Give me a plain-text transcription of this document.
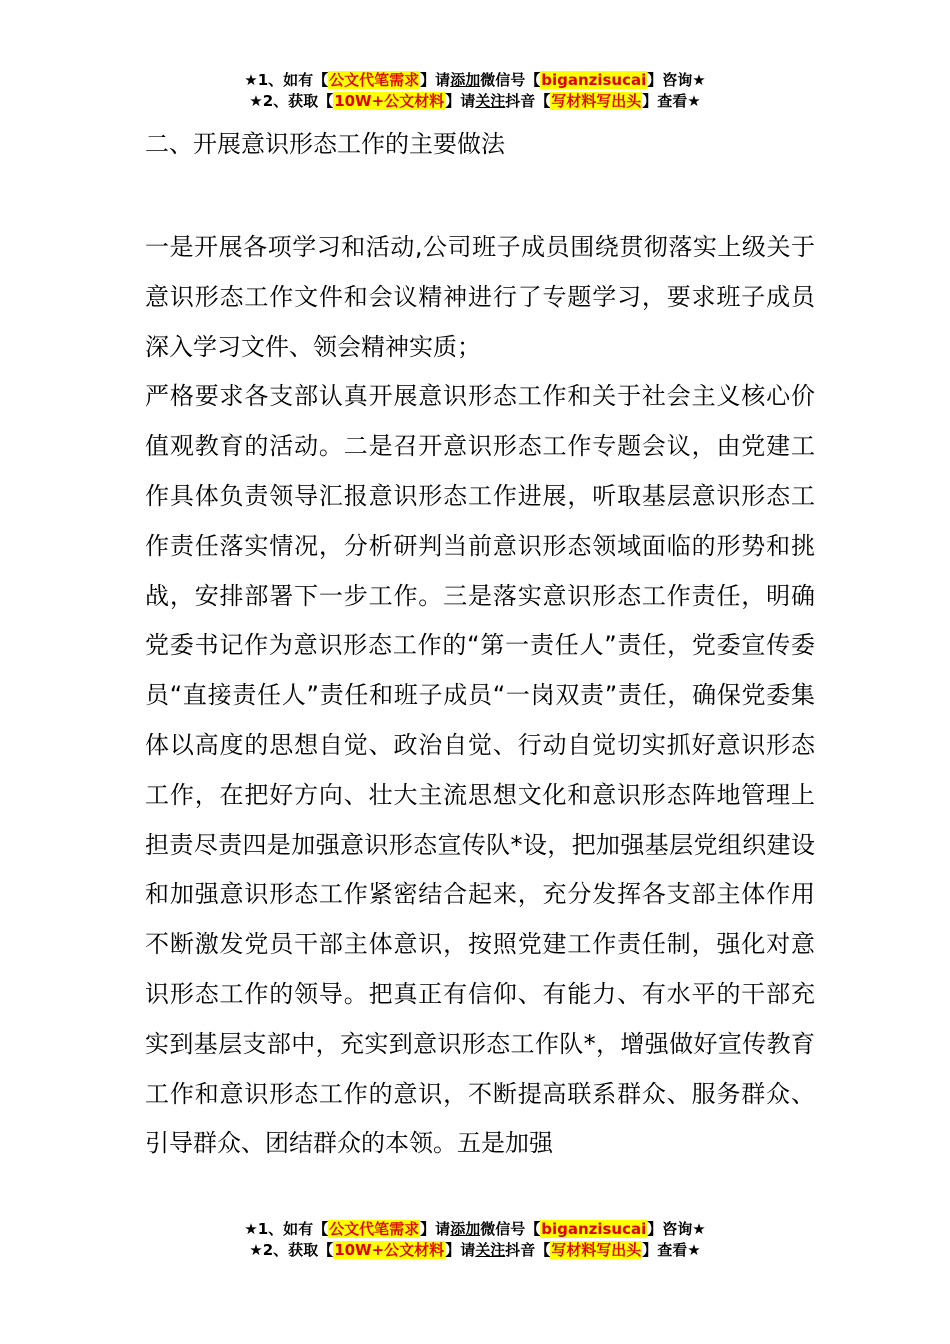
★1、如有【公文代笔需求】请添加微信号【biganzisucai】咨询★
★2、获取【10W+公文材料】请关注抖音【写材料写出头】查看★
二、开展意识形态工作的主要做法

一是开展各项学习和活动,公司班子成员围绕贯彻落实上级关于意识形态工作文件和会议精神进行了专题学习，要求班子成员深入学习文件、领会精神实质；

严格要求各支部认真开展意识形态工作和关于社会主义核心价值观教育的活动。二是召开意识形态工作专题会议，由党建工作具体负责领导汇报意识形态工作进展，听取基层意识形态工作责任落实情况，分析研判当前意识形态领域面临的形势和挑战，安排部署下一步工作。三是落实意识形态工作责任，明确党委书记作为意识形态工作的“第一责任人”责任，党委宣传委员“直接责任人”责任和班子成员“一岗双责”责任，确保党委集体以高度的思想自觉、政治自觉、行动自觉切实抓好意识形态工作，在把好方向、壮大主流思想文化和意识形态阵地管理上担责尽责四是加强意识形态宣传队*设，把加强基层党组织建设和加强意识形态工作紧密结合起来，充分发挥各支部主体作用不断激发党员干部主体意识，按照党建工作责任制，强化对意识形态工作的领导。把真正有信仰、有能力、有水平的干部充实到基层支部中，充实到意识形态工作队*，增强做好宣传教育工作和意识形态工作的意识，不断提高联系群众、服务群众、引导群众、团结群众的本领。五是加强

★1、如有【公文代笔需求】请添加微信号【biganzisucai】咨询★
★2、获取【10W+公文材料】请关注抖音【写材料写出头】查看★
